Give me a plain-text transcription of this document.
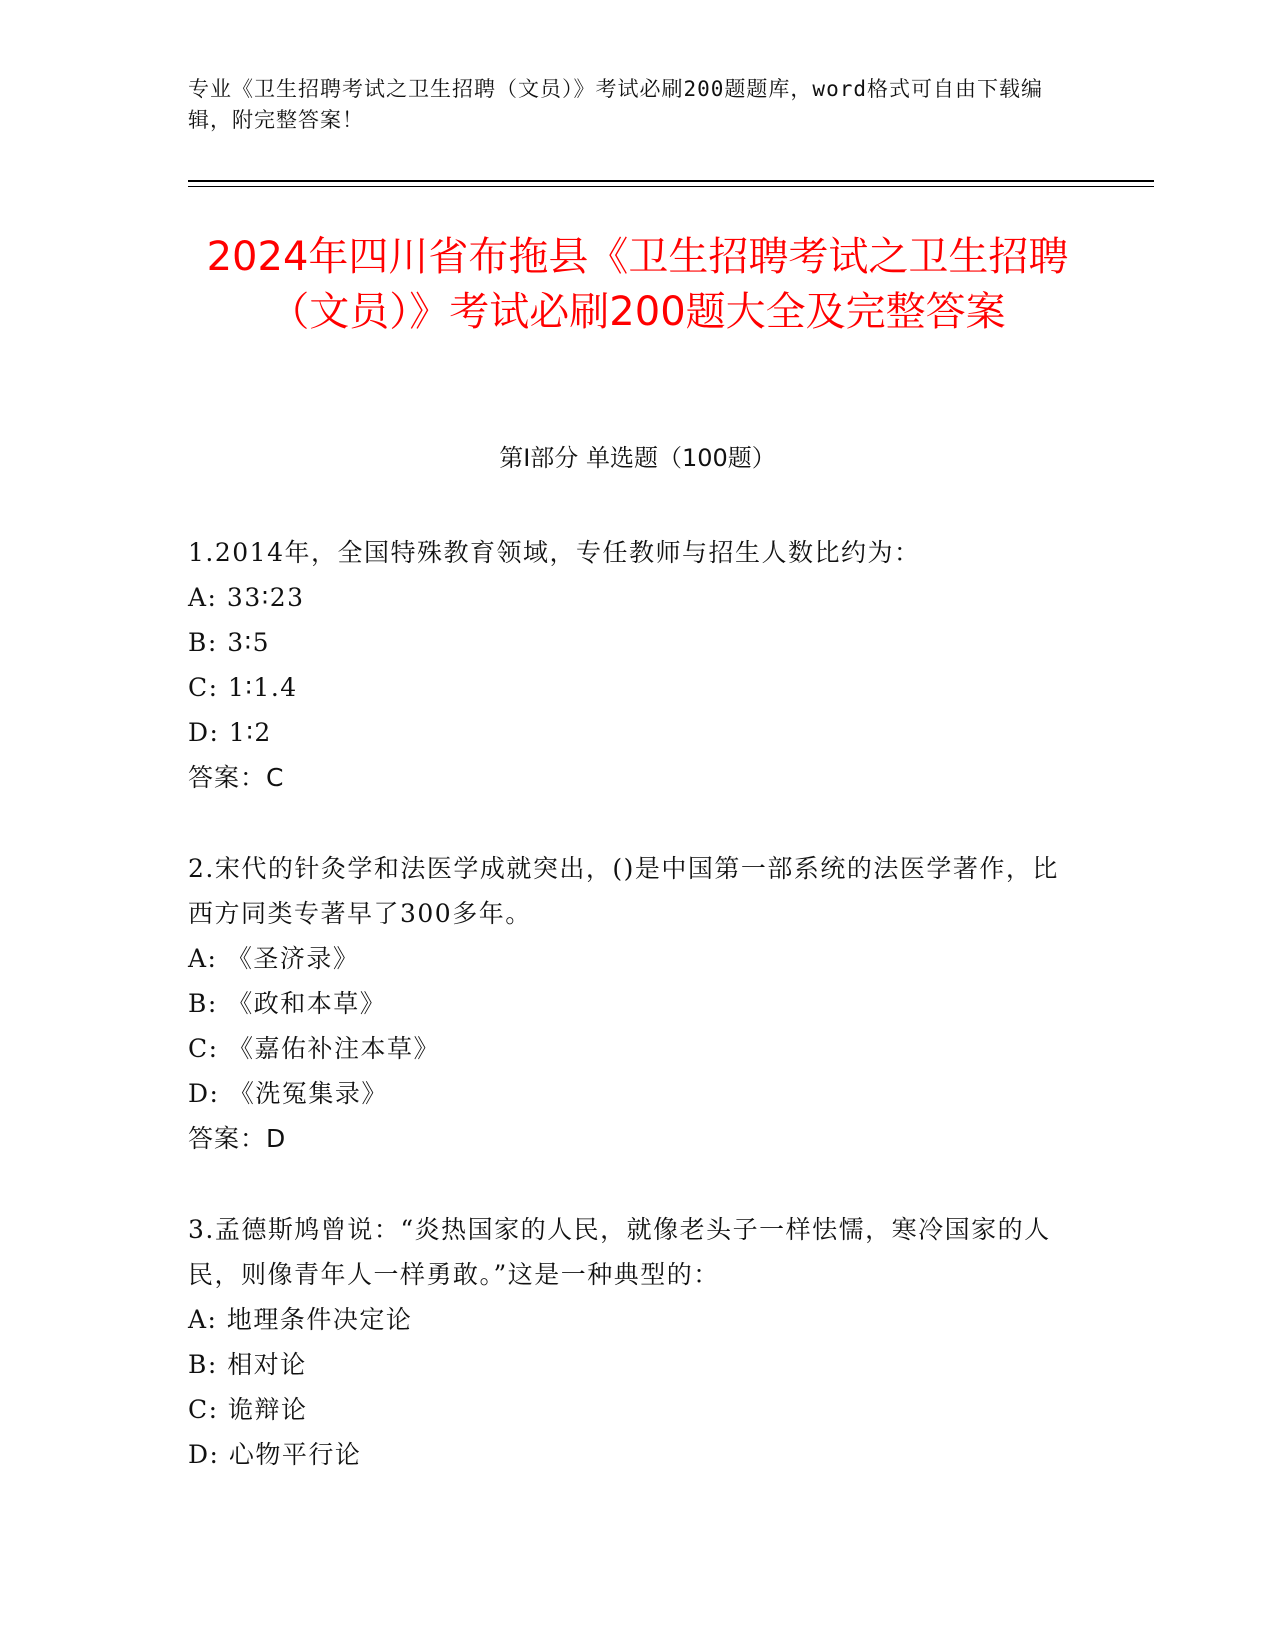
专业《卫生招聘考试之卫生招聘（文员）》考试必刷200题题库，word格式可自由下载编辑，附完整答案！
2024年四川省布拖县《卫生招聘考试之卫生招聘（文员）》考试必刷200题大全及完整答案
第Ⅰ部分 单选题（100题）
1.2014年，全国特殊教育领域，专任教师与招生人数比约为：
A: 33∶23
B: 3∶5
C: 1∶1.4
D: 1∶2
答案：C
2.宋代的针灸学和法医学成就突出，()是中国第一部系统的法医学著作，比西方同类专著早了300多年。
A: 《圣济录》
B: 《政和本草》
C: 《嘉佑补注本草》
D: 《洗冤集录》
答案：D
3.孟德斯鸠曾说：“炎热国家的人民，就像老头子一样怯懦，寒冷国家的人民，则像青年人一样勇敢。”这是一种典型的：
A: 地理条件决定论
B: 相对论
C: 诡辩论
D: 心物平行论
